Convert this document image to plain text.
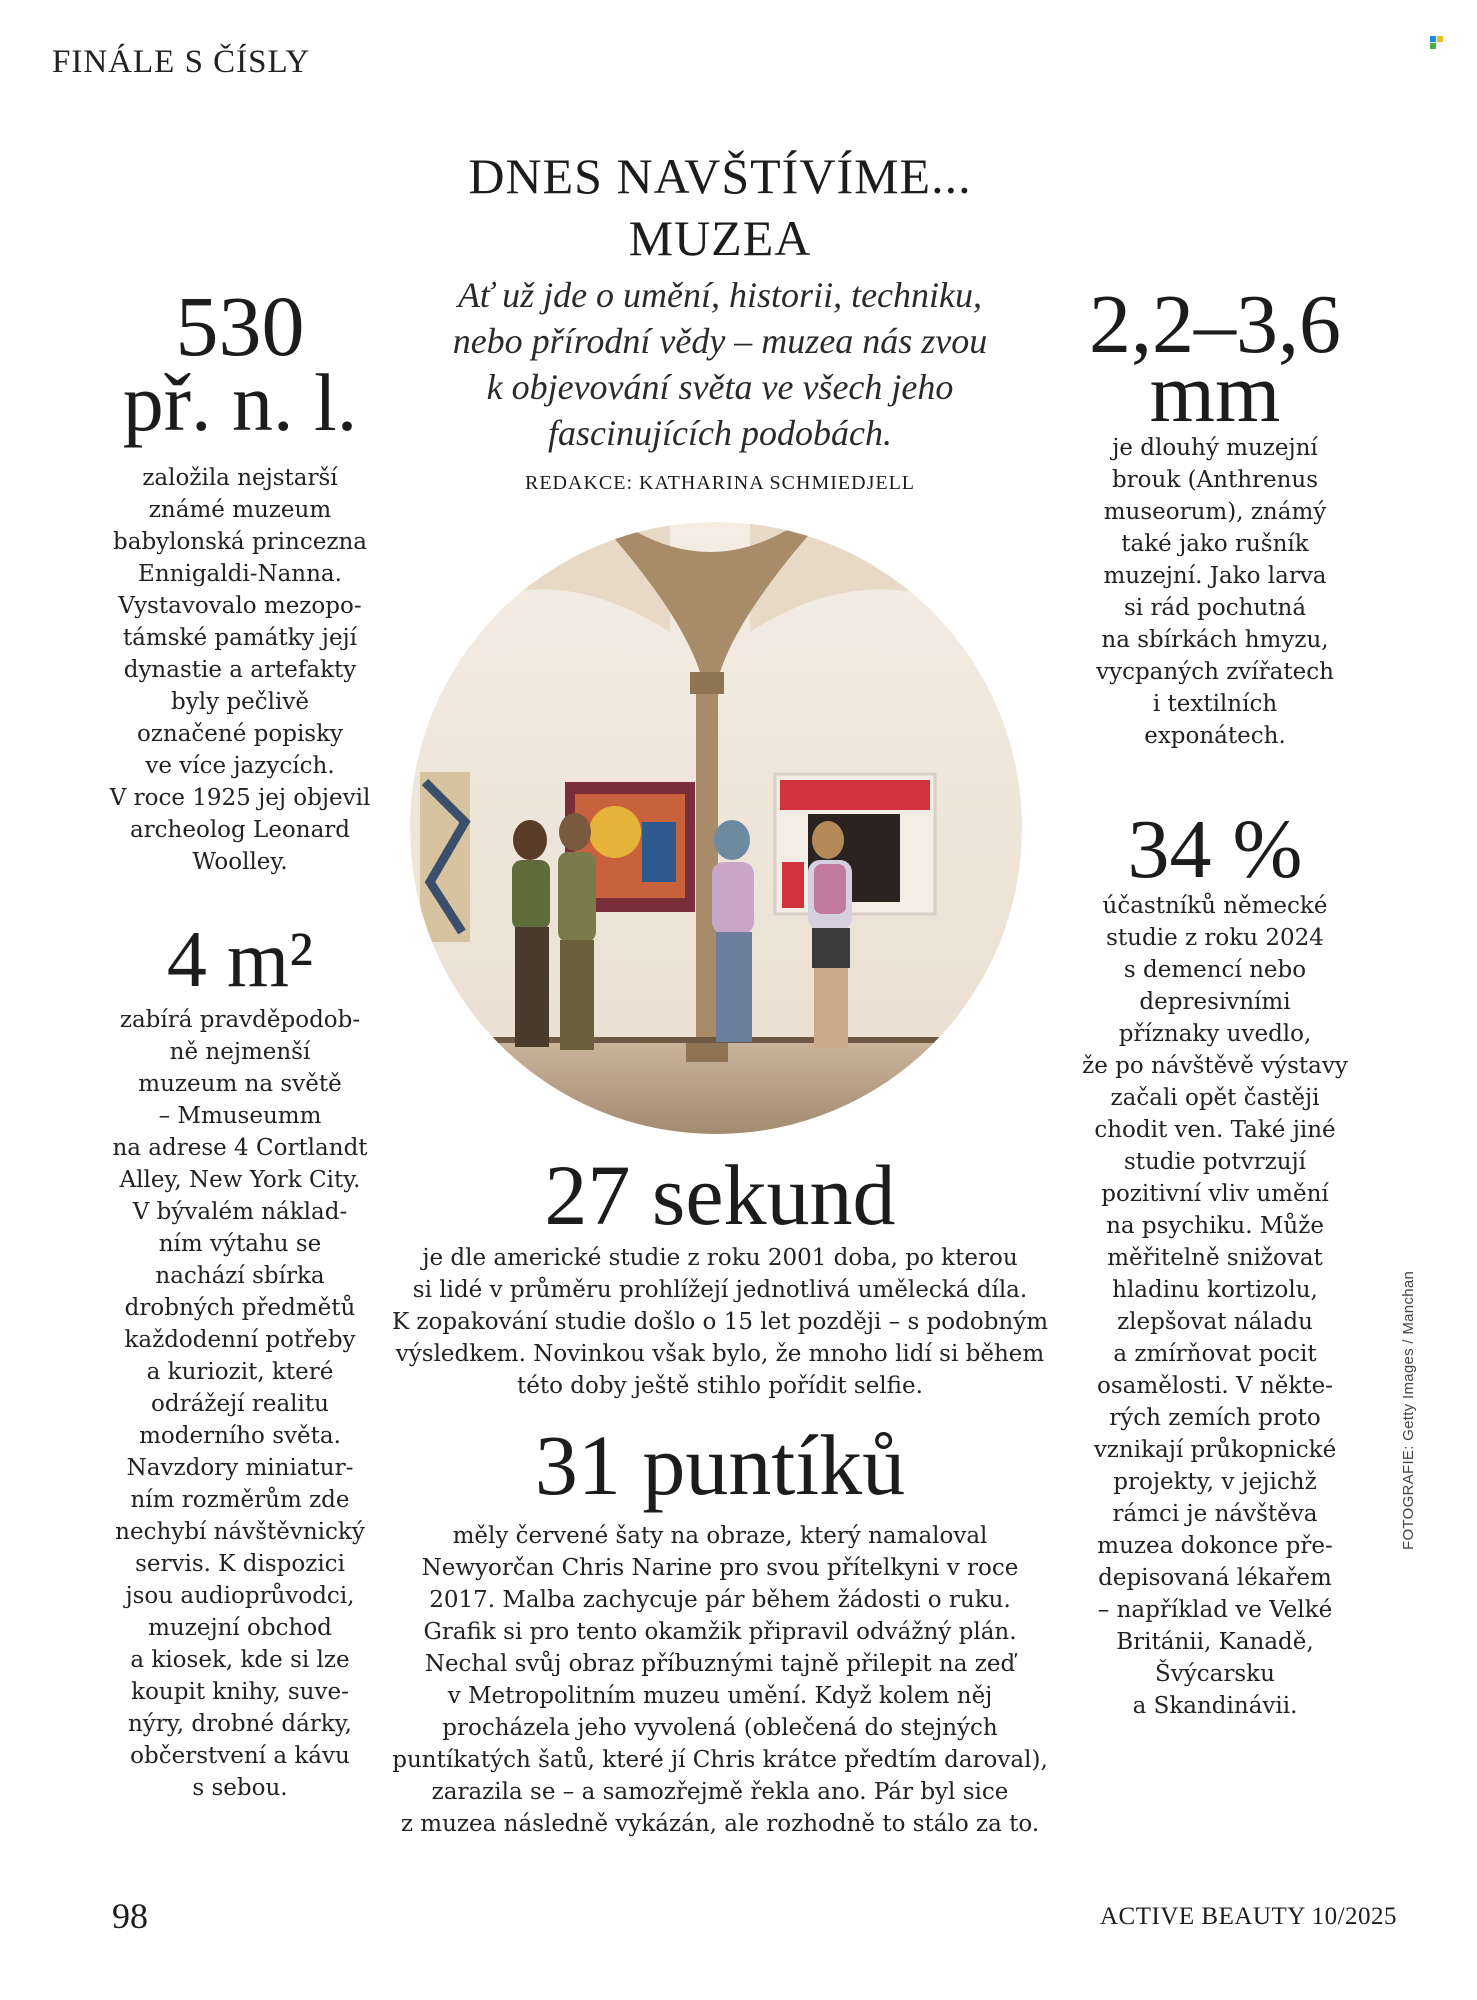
FINÁLE S ČÍSLY
DNES NAVŠTÍVÍME...
MUZEA
Ať už jde o umění, historii, techniku,
nebo přírodní vědy – muzea nás zvou
k objevování světa ve všech jeho
fascinujících podobách.
REDAKCE: KATHARINA SCHMIEDJELL
530
př. n. l.
založila nejstarší
známé muzeum
babylonská princezna
Ennigaldi-Nanna.
Vystavovalo mezopo-
támské památky její
dynastie a artefakty
byly pečlivě
označené popisky
ve více jazycích.
V roce 1925 jej objevil
archeolog Leonard
Woolley.
4 m²
zabírá pravděpodob-
ně nejmenší
muzeum na světě
– Mmuseumm
na adrese 4 Cortlandt
Alley, New York City.
V bývalém náklad-
ním výtahu se
nachází sbírka
drobných předmětů
každodenní potřeby
a kuriozit, které
odrážejí realitu
moderního světa.
Navzdory miniatur-
ním rozměrům zde
nechybí návštěvnický
servis. K dispozici
jsou audioprůvodci,
muzejní obchod
a kiosek, kde si lze
koupit knihy, suve-
nýry, drobné dárky,
občerstvení a kávu
s sebou.
2,2–3,6
mm
je dlouhý muzejní
brouk (Anthrenus
museorum), známý
také jako rušník
muzejní. Jako larva
si rád pochutná
na sbírkách hmyzu,
vycpaných zvířatech
i textilních
exponátech.
34 %
účastníků německé
studie z roku 2024
s demencí nebo
depresivními
příznaky uvedlo,
že po návštěvě výstavy
začali opět častěji
chodit ven. Také jiné
studie potvrzují
pozitivní vliv umění
na psychiku. Může
měřitelně snižovat
hladinu kortizolu,
zlepšovat náladu
a zmírňovat pocit
osamělosti. V někte-
rých zemích proto
vznikají průkopnické
projekty, v jejichž
rámci je návštěva
muzea dokonce pře-
depisovaná lékařem
– například ve Velké
Británii, Kanadě,
Švýcarsku
a Skandinávii.
27 sekund
je dle americké studie z roku 2001 doba, po kterou
si lidé v průměru prohlížejí jednotlivá umělecká díla.
K zopakování studie došlo o 15 let později – s podobným
výsledkem. Novinkou však bylo, že mnoho lidí si během
této doby ještě stihlo pořídit selfie.
31 puntíků
měly červené šaty na obraze, který namaloval
Newyorčan Chris Narine pro svou přítelkyni v roce
2017. Malba zachycuje pár během žádosti o ruku.
Grafik si pro tento okamžik připravil odvážný plán.
Nechal svůj obraz příbuznými tajně přilepit na zeď
v Metropolitním muzeu umění. Když kolem něj
procházela jeho vyvolená (oblečená do stejných
puntíkatých šatů, které jí Chris krátce předtím daroval),
zarazila se – a samozřejmě řekla ano. Pár byl sice
z muzea následně vykázán, ale rozhodně to stálo za to.
FOTOGRAFIE: Getty Images / Manchan
98	ACTIVE BEAUTY 10/2025
